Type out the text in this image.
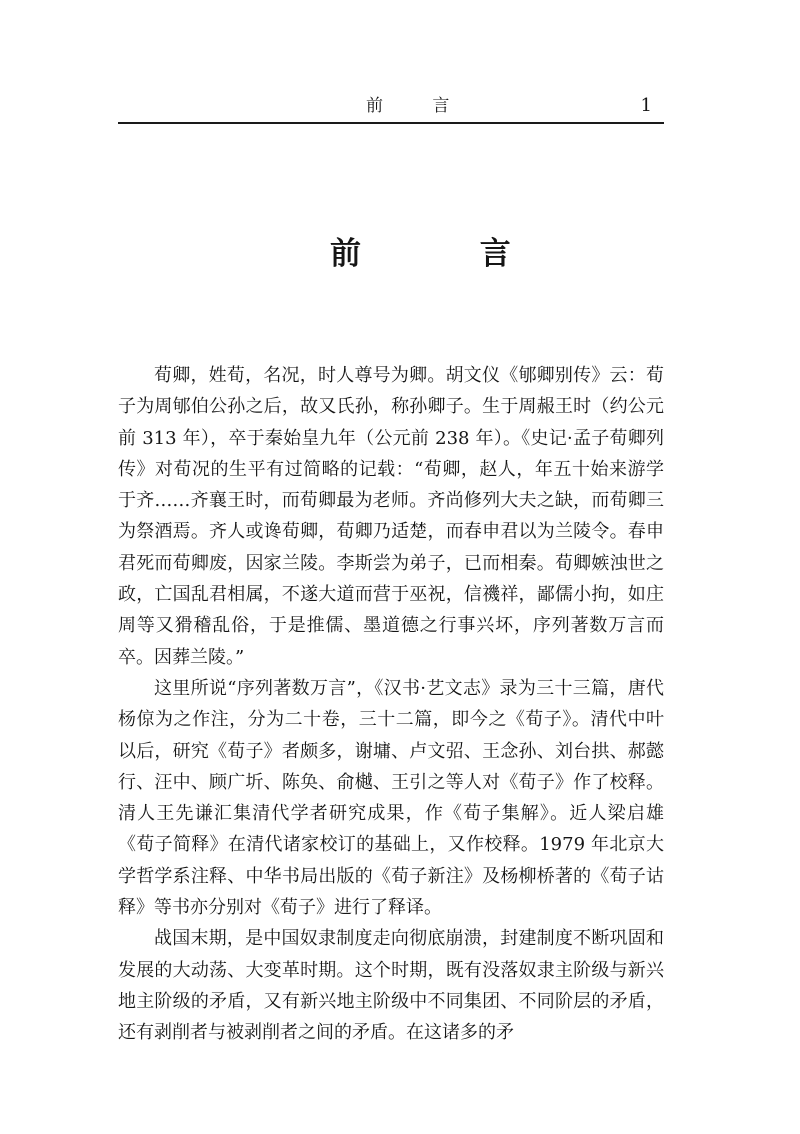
前 言	1
前 言

荀卿，姓荀，名况，时人尊号为卿。胡文仪《郇卿别传》云：荀子为周郇伯公孙之后，故又氏孙，称孙卿子。生于周赧王时（约公元前 313 年），卒于秦始皇九年（公元前 238 年）。《史记·孟子荀卿列传》对荀况的生平有过简略的记载：“荀卿，赵人，年五十始来游学于齐……齐襄王时，而荀卿最为老师。齐尚修列大夫之缺，而荀卿三为祭酒焉。齐人或谗荀卿，荀卿乃适楚，而春申君以为兰陵令。春申君死而荀卿废，因家兰陵。李斯尝为弟子，已而相秦。荀卿嫉浊世之政，亡国乱君相属，不遂大道而营于巫祝，信禨祥，鄙儒小拘，如庄周等又猾稽乱俗，于是推儒、墨道德之行事兴坏，序列著数万言而卒。因葬兰陵。”

这里所说“序列著数万言”，《汉书·艺文志》录为三十三篇，唐代杨倞为之作注，分为二十卷，三十二篇，即今之《荀子》。清代中叶以后，研究《荀子》者颇多，谢墉、卢文弨、王念孙、刘台拱、郝懿行、汪中、顾广圻、陈奂、俞樾、王引之等人对《荀子》作了校释。清人王先谦汇集清代学者研究成果，作《荀子集解》。近人梁启雄《荀子简释》在清代诸家校订的基础上，又作校释。1979 年北京大学哲学系注释、中华书局出版的《荀子新注》及杨柳桥著的《荀子诂释》等书亦分别对《荀子》进行了释译。

战国末期，是中国奴隶制度走向彻底崩溃，封建制度不断巩固和发展的大动荡、大变革时期。这个时期，既有没落奴隶主阶级与新兴地主阶级的矛盾，又有新兴地主阶级中不同集团、不同阶层的矛盾，还有剥削者与被剥削者之间的矛盾。在这诸多的矛
